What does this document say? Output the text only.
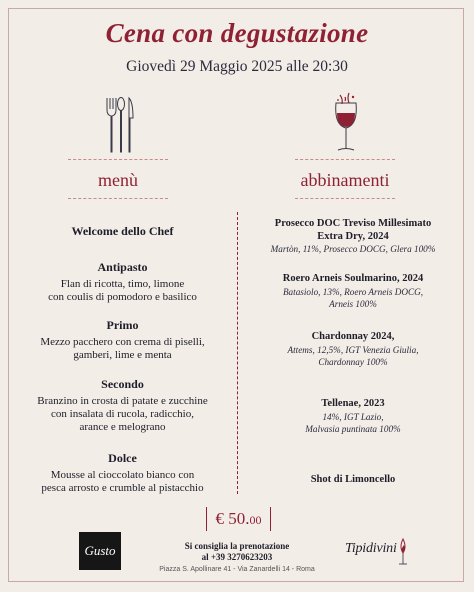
Cena con degustazione
Giovedì 29 Maggio 2025 alle 20:30
menù	abbinamenti
Welcome dello Chef
Antipasto
Flan di ricotta, timo, limone
con coulis di pomodoro e basilico
Primo
Mezzo pacchero con crema di piselli,
gamberi, lime e menta
Secondo
Branzino in crosta di patate e zucchine
con insalata di rucola, radicchio,
arance e melograno
Dolce
Mousse al cioccolato bianco con
pesca arrosto e crumble al pistacchio
Prosecco DOC Treviso Millesimato
Extra Dry, 2024
Martòn, 11%, Prosecco DOCG, Glera 100%
Roero Arneis Soulmarino, 2024
Batasiolo, 13%, Roero Arneis DOCG,
Arneis 100%
Chardonnay 2024,
Attems, 12,5%, IGT Venezia Giulia,
Chardonnay 100%
Tellenae, 2023
14%, IGT Lazio,
Malvasia puntinata 100%
Shot di Limoncello
Gusto
€ 50.00
Si consiglia la prenotazione
al +39 3270623203
Tipidivini
Piazza S. Apollinare 41 - Via Zanardelli 14 - Roma
